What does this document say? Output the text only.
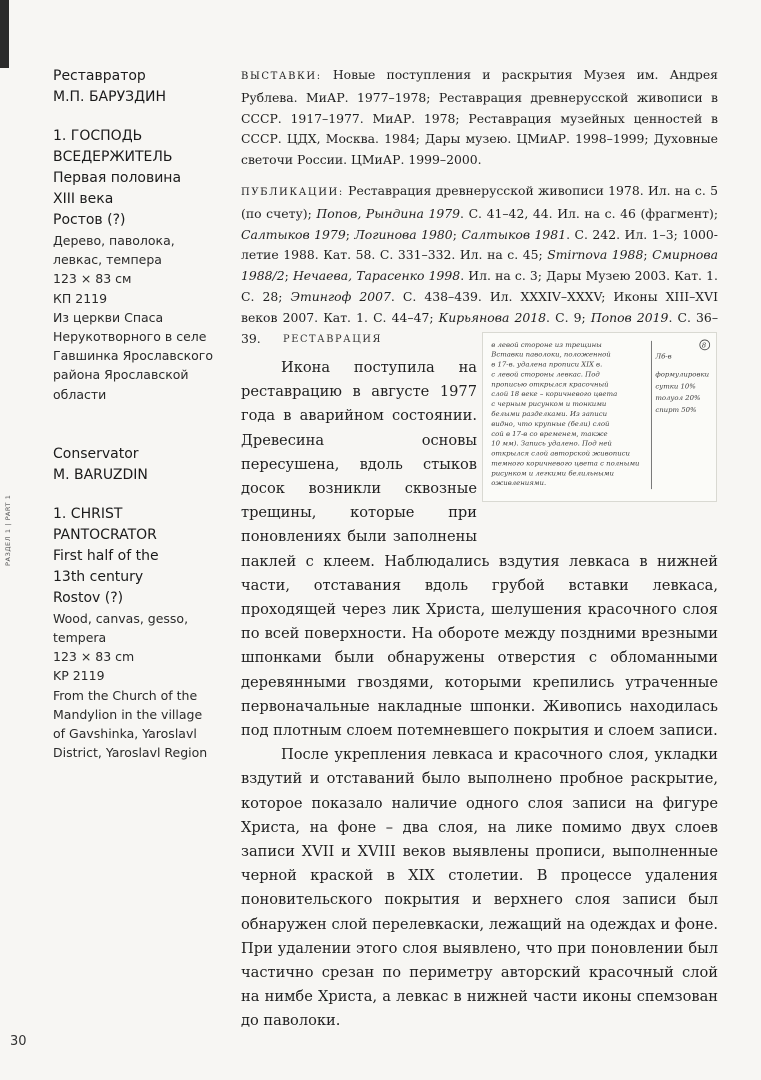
РАЗДЕЛ 1 | PART 1
30

Реставратор

М.П. БАРУЗДИН

1. ГОСПОДЬ

ВСЕДЕРЖИТЕЛЬ

Первая половина

XIII века

Ростов (?)

Дерево, паволока,

левкас, темпера

123 × 83 см

КП 2119

Из церкви Спаса

Нерукотворного в селе

Гавшинка Ярославского

района Ярославской

области

Conservator

M. BARUZDIN

1. CHRIST

PANTOCRATOR

First half of the

13th century

Rostov (?)

Wood, canvas, gesso,

tempera

123 × 83 cm

KP 2119

From the Church of the

Mandylion in the village

of Gavshinka, Yaroslavl

District, Yaroslavl Region

ВЫСТАВКИ: Новые поступления и раскрытия Музея им. Андрея Рублева. МиАР. 1977–1978; Реставрация древнерусской живописи в СССР. 1917–1977. МиАР. 1978; Реставрация музейных ценностей в СССР. ЦДХ, Москва. 1984; Дары музею. ЦМиАР. 1998–1999; Духовные светочи России. ЦМиАР. 1999–2000.

ПУБЛИКАЦИИ: Реставрация древнерусской живописи 1978. Ил. на с. 5 (по счету); Попов, Рындина 1979. С. 41–42, 44. Ил. на с. 46 (фрагмент); Салтыков 1979; Логинова 1980; Салтыков 1981. С. 242. Ил. 1–3; 1000-летие 1988. Кат. 58. С. 331–332. Ил. на с. 45; Smirnova 1988; Смирнова 1988/2; Нечаева, Тарасенко 1998. Ил. на с. 3; Дары Музею 2003. Кат. 1. С. 28; Этингоф 2007. С. 438–439. Ил. XXXIV–XXXV; Иконы XIII–XVI веков 2007. Кат. 1. С. 44–47; Кирьянова 2018. С. 9; Попов 2019. С. 36–39.	РЕСТАВРАЦИЯ
8
в левой стороне из трещины
Вставки паволоки, положенной
в 17-в. удалена прописи XIX в.
с левой стороны левкас. Под
прописью открылся красочный
слой 18 веке – коричневого цвета
с черным рисунком и тонкими
белыми разделками. Из записи
видно, что крупные (бели) слой
сой в 17-в со временем, также
10 мм). Запись удалено. Под ней
открылся слой авторской живописи
темного коричневого цвета с полными
рисунком и легкими белильными
оживлениями.
Лб-в
формулировки
сутки 10%
толуол 20%
спирт 50%

Икона поступила на реставрацию в августе 1977 года в аварийном состоянии. Древесина основы пересушена, вдоль стыков досок возникли сквозные трещины, которые при поновлениях были заполнены паклей с клеем. Наблюдались вздутия левкаса в нижней части, отставания вдоль грубой вставки левкаса, проходящей через лик Христа, шелушения красочного слоя по всей поверхности. На обороте между поздними врезными шпонками были обнаружены отверстия с обломанными деревянными гвоздями, которыми крепились утраченные первоначальные накладные шпонки. Живопись находилась под плотным слоем потемневшего покрытия и слоем записи.

После укрепления левкаса и красочного слоя, укладки вздутий и отставаний было выполнено пробное раскрытие, которое показало наличие одного слоя записи на фигуре Христа, на фоне – два слоя, на лике помимо двух слоев записи XVII и XVIII веков выявлены прописи, выполненные черной краской в XIX столетии. В процессе удаления поновительского покрытия и верхнего слоя записи был обнаружен слой перелевкаски, лежащий на одеждах и фоне. При удалении этого слоя выявлено, что при поновлении был частично срезан по периметру авторский красочный слой на нимбе Христа, а левкас в нижней части иконы спемзован до паволоки.
